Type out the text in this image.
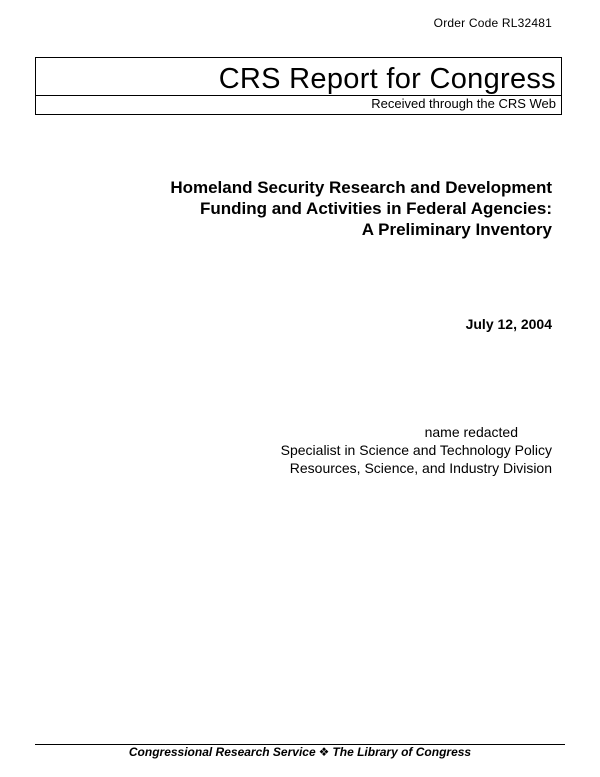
Order Code RL32481
CRS Report for Congress
Received through the CRS Web
Homeland Security Research and Development
Funding and Activities in Federal Agencies:
A Preliminary Inventory
July 12, 2004
name redacted
Specialist in Science and Technology Policy
Resources, Science, and Industry Division
Congressional Research Service ❖ The Library of Congress
